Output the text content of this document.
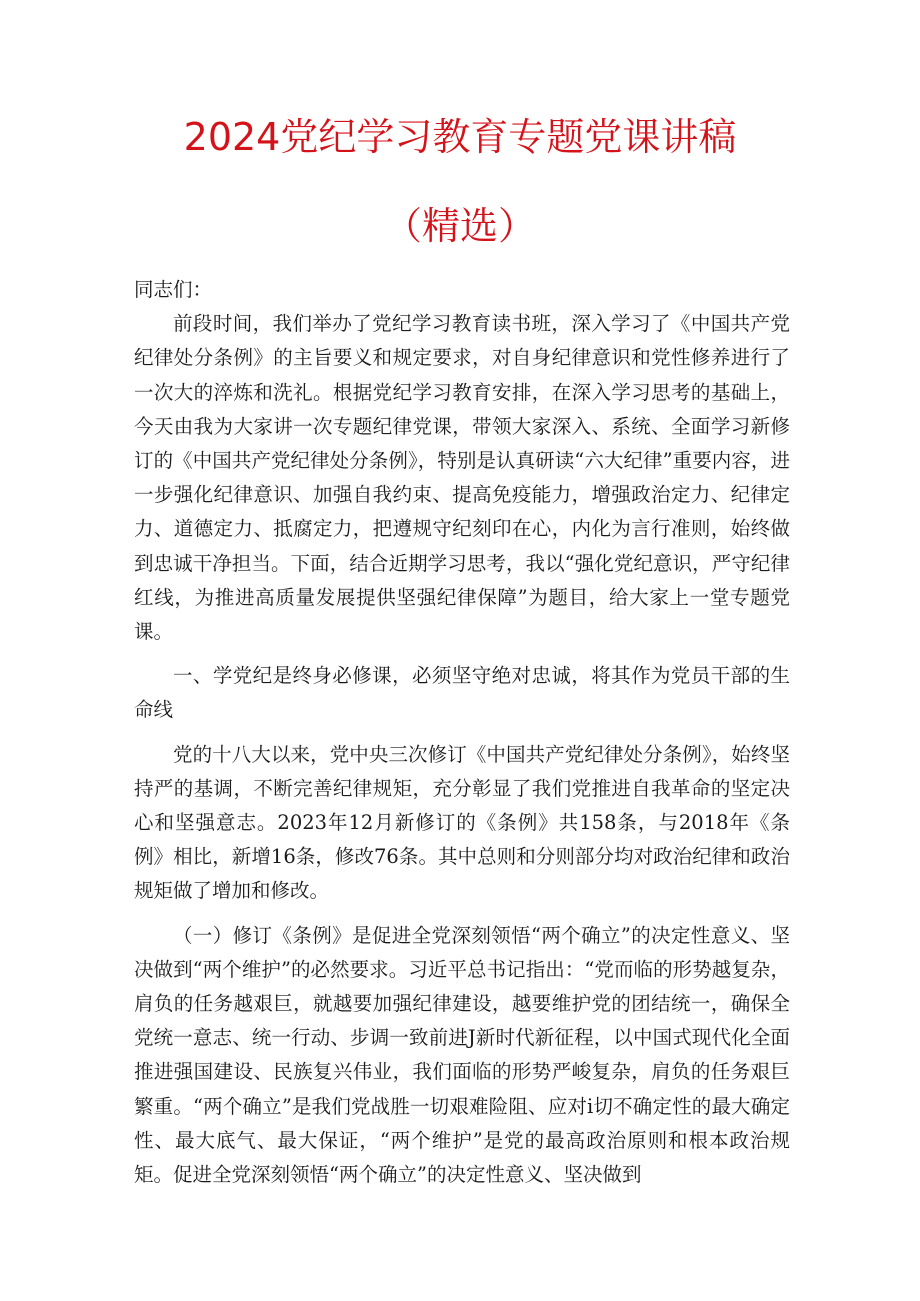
2024党纪学习教育专题党课讲稿
（精选）

同志们：

前段时间，我们举办了党纪学习教育读书班，深入学习了《中国共产党纪律处分条例》的主旨要义和规定要求，对自身纪律意识和党性修养进行了一次大的淬炼和洗礼。根据党纪学习教育安排，在深入学习思考的基础上，今天由我为大家讲一次专题纪律党课，带领大家深入、系统、全面学习新修订的《中国共产党纪律处分条例》，特别是认真研读“六大纪律”重要内容，进一步强化纪律意识、加强自我约束、提高免疫能力，增强政治定力、纪律定力、道德定力、抵腐定力，把遵规守纪刻印在心，内化为言行准则，始终做到忠诚干净担当。下面，结合近期学习思考，我以“强化党纪意识，严守纪律红线，为推进高质量发展提供坚强纪律保障”为题目，给大家上一堂专题党课。

一、学党纪是终身必修课，必须坚守绝对忠诚，将其作为党员干部的生命线

党的十八大以来，党中央三次修订《中国共产党纪律处分条例》，始终坚持严的基调，不断完善纪律规矩，充分彰显了我们党推进自我革命的坚定决心和坚强意志。2023年12月新修订的《条例》共158条，与2018年《条例》相比，新增16条，修改76条。其中总则和分则部分均对政治纪律和政治规矩做了增加和修改。

（一）修订《条例》是促进全党深刻领悟“两个确立”的决定性意义、坚决做到“两个维护”的必然要求。习近平总书记指出：“党而临的形势越复杂，肩负的任务越艰巨，就越要加强纪律建设，越要维护党的团结统一，确保全党统一意志、统一行动、步调一致前进J新时代新征程，以中国式现代化全面推进强国建设、民族复兴伟业，我们面临的形势严峻复杂，肩负的任务艰巨繁重。“两个确立”是我们党战胜一切艰难险阻、应对i切不确定性的最大确定性、最大底气、最大保证，“两个维护”是党的最高政治原则和根本政治规矩。促进全党深刻领悟“两个确立”的决定性意义、坚决做到
